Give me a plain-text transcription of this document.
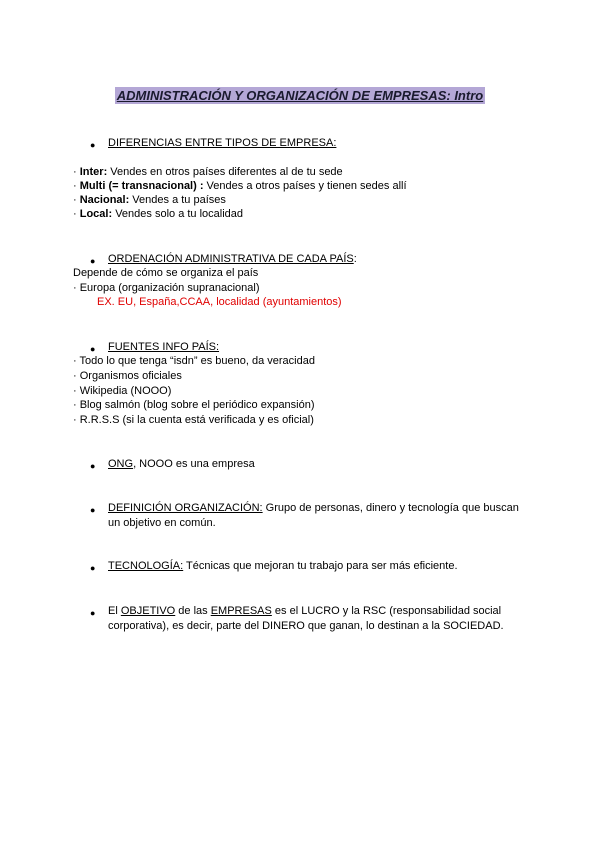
ADMINISTRACIÓN Y ORGANIZACIÓN DE EMPRESAS: Intro
● DIFERENCIAS ENTRE TIPOS DE EMPRESA:
· Inter: Vendes en otros países diferentes al de tu sede
· Multi (= transnacional) : Vendes a otros países y tienen sedes allí
· Nacional: Vendes a tu países
· Local: Vendes solo a tu localidad
● ORDENACIÓN ADMINISTRATIVA DE CADA PAÍS:
Depende de cómo se organiza el país
· Europa (organización supranacional)
EX. EU, España,CCAA, localidad (ayuntamientos)
● FUENTES INFO PAÍS:
· Todo lo que tenga “isdn” es bueno, da veracidad
· Organismos oficiales
· Wikipedia (NOOO)
· Blog salmón (blog sobre el periódico expansión)
· R.R.S.S (si la cuenta está verificada y es oficial)
● ONG, NOOO es una empresa
● DEFINICIÓN ORGANIZACIÓN: Grupo de personas, dinero y tecnología que buscan
un objetivo en común.
● TECNOLOGÍA: Técnicas que mejoran tu trabajo para ser más eficiente.
● El OBJETIVO de las EMPRESAS es el LUCRO y la RSC (responsabilidad social
corporativa), es decir, parte del DINERO que ganan, lo destinan a la SOCIEDAD.
